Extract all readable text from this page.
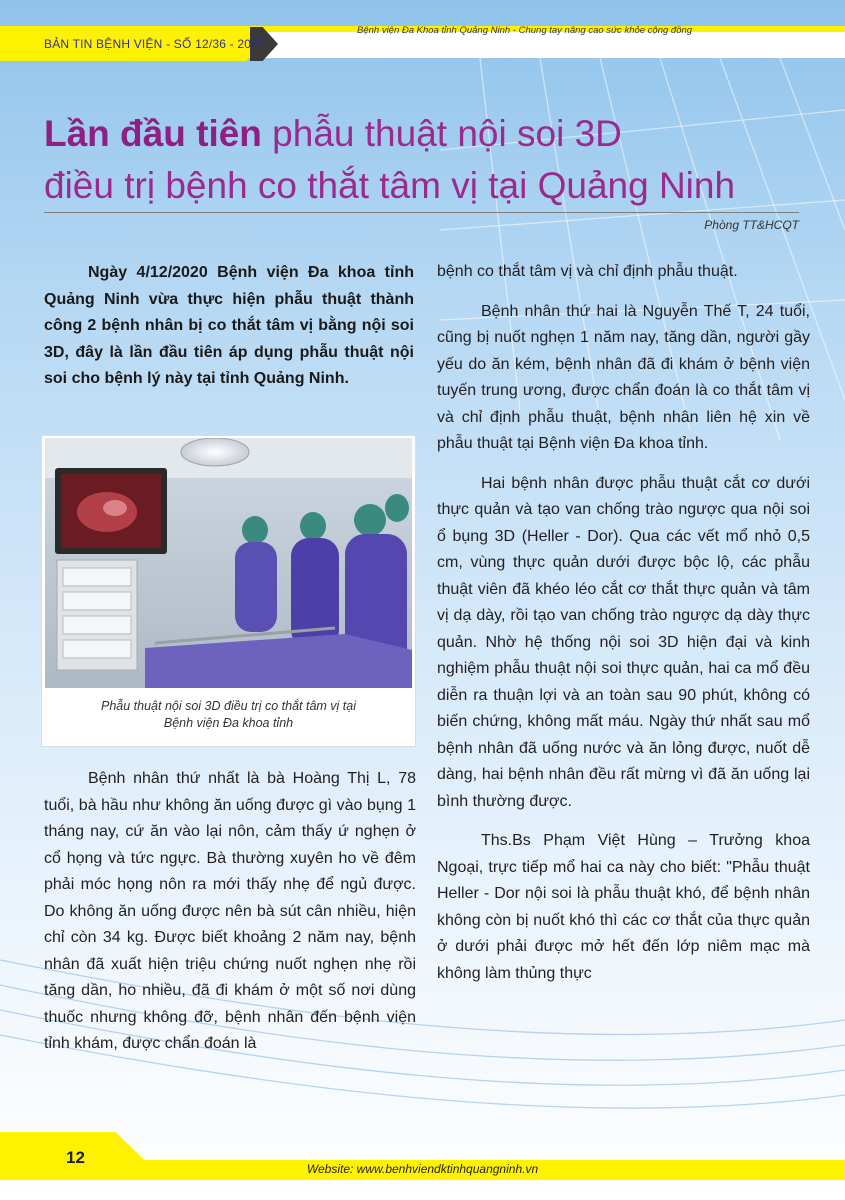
BẢN TIN BỆNH VIỆN - SỐ 12/36 - 2020
Bệnh viện Đa Khoa tỉnh Quảng Ninh - Chung tay nâng cao sức khỏe cộng đồng
Lần đầu tiên phẫu thuật nội soi 3D
điều trị bệnh co thắt tâm vị tại Quảng Ninh
Phòng TT&HCQT

Ngày 4/12/2020 Bệnh viện Đa khoa tỉnh Quảng Ninh vừa thực hiện phẫu thuật thành công 2 bệnh nhân bị co thắt tâm vị bằng nội soi 3D, đây là lần đầu tiên áp dụng phẫu thuật nội soi cho bệnh lý này tại tỉnh Quảng Ninh.

Phẫu thuật nội soi 3D điều trị co thắt tâm vị tại
Bệnh viện Đa khoa tỉnh

Bệnh nhân thứ nhất là bà Hoàng Thị L, 78 tuổi, bà hầu như không ăn uống được gì vào bụng 1 tháng nay, cứ ăn vào lại nôn, cảm thấy ứ nghẹn ở cổ họng và tức ngực. Bà thường xuyên ho về đêm phải móc họng nôn ra mới thấy nhẹ để ngủ được. Do không ăn uống được nên bà sút cân nhiều, hiện chỉ còn 34 kg. Được biết khoảng 2 năm nay, bệnh nhân đã xuất hiện triệu chứng nuốt nghẹn nhẹ rồi tăng dần, ho nhiều, đã đi khám ở một số nơi dùng thuốc nhưng không đỡ, bệnh nhân đến bệnh viện tỉnh khám, được chẩn đoán là

bệnh co thắt tâm vị và chỉ định phẫu thuật.

Bệnh nhân thứ hai là Nguyễn Thế T, 24 tuổi, cũng bị nuốt nghẹn 1 năm nay, tăng dần, người gầy yếu do ăn kém, bệnh nhân đã đi khám ở bệnh viện tuyến trung ương, được chẩn đoán là co thắt tâm vị và chỉ định phẫu thuật, bệnh nhân liên hệ xin về phẫu thuật tại Bệnh viện Đa khoa tỉnh.

Hai bệnh nhân được phẫu thuật cắt cơ dưới thực quản và tạo van chống trào ngược qua nội soi ổ bụng 3D (Heller - Dor). Qua các vết mổ nhỏ 0,5 cm, vùng thực quản dưới được bộc lộ, các phẫu thuật viên đã khéo léo cắt cơ thắt thực quản và tâm vị dạ dày, rồi tạo van chống trào ngược dạ dày thực quản. Nhờ hệ thống nội soi 3D hiện đại và kinh nghiệm phẫu thuật nội soi thực quản, hai ca mổ đều diễn ra thuận lợi và an toàn sau 90 phút, không có biến chứng, không mất máu. Ngày thứ nhất sau mổ bệnh nhân đã uống nước và ăn lỏng được, nuốt dễ dàng, hai bệnh nhân đều rất mừng vì đã ăn uống lại bình thường được.

Ths.Bs Phạm Việt Hùng – Trưởng khoa Ngoại, trực tiếp mổ hai ca này cho biết: "Phẫu thuật Heller - Dor nội soi là phẫu thuật khó, để bệnh nhân không còn bị nuốt khó thì các cơ thắt của thực quản ở dưới phải được mở hết đến lớp niêm mạc mà không làm thủng thực

12
Website: www.benhviendktinhquangninh.vn
